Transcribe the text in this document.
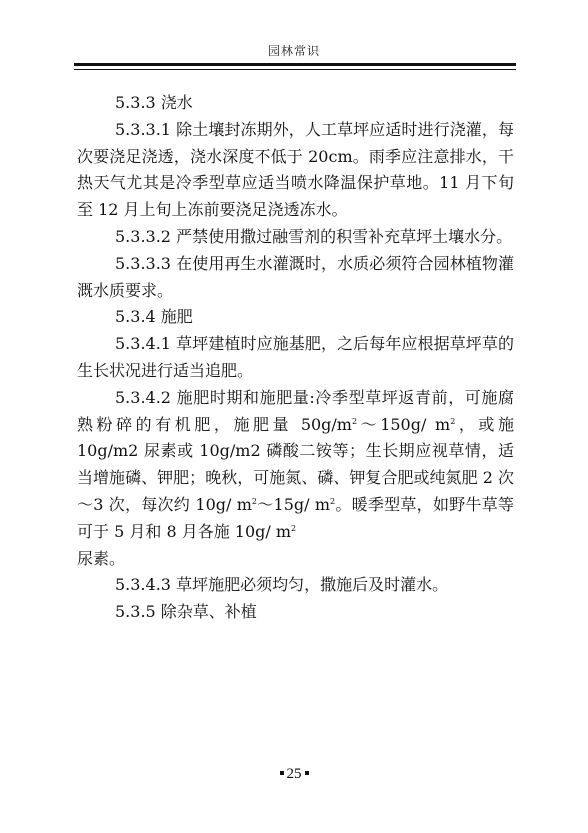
园林常识

5.3.3 浇水

5.3.3.1 除土壤封冻期外，人工草坪应适时进行浇灌，每次要浇足浇透，浇水深度不低于 20cm。雨季应注意排水，干热天气尤其是冷季型草应适当喷水降温保护草地。11 月下旬至 12 月上旬上冻前要浇足浇透冻水。

5.3.3.2 严禁使用撒过融雪剂的积雪补充草坪土壤水分。

5.3.3.3 在使用再生水灌溉时，水质必须符合园林植物灌溉水质要求。

5.3.4 施肥

5.3.4.1 草坪建植时应施基肥，之后每年应根据草坪草的生长状况进行适当追肥。

5.3.4.2 施肥时期和施肥量:冷季型草坪返青前，可施腐熟粉碎的有机肥，施肥量 $50g/m^2\sim 150g/$ $m^2$，或施 10g/m2 尿素或 10g/m2 磷酸二铵等；生长期应视草情，适当增施磷、钾肥；晚秋，可施氮、磷、钾复合肥或纯氮肥 2 次～3 次，每次约 10g/ $m^2\sim 15g/$ $m^2$。暖季型草，如野牛草等可于 5 月和 8 月各施 10g/ $m^2$
尿素。

5.3.4.3 草坪施肥必须均匀，撒施后及时灌水。

5.3.5 除杂草、补植

25
